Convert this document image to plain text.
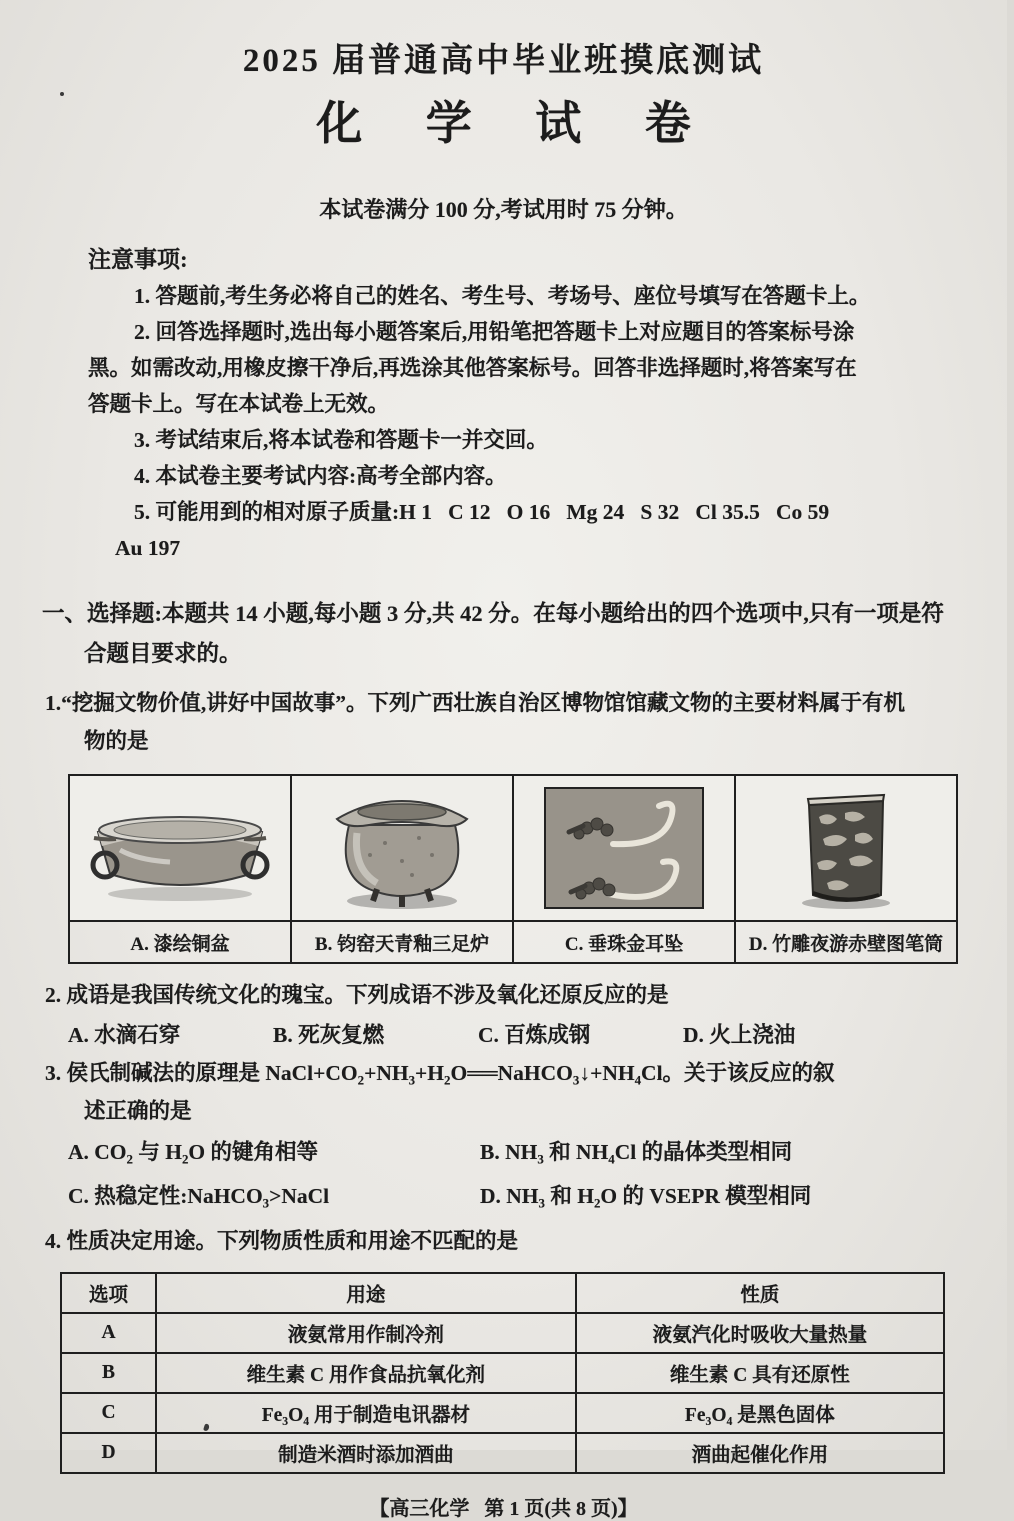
2025 届普通高中毕业班摸底测试
化 学 试 卷
本试卷满分 100 分,考试用时 75 分钟。
注意事项:
1. 答题前,考生务必将自己的姓名、考生号、考场号、座位号填写在答题卡上。
2. 回答选择题时,选出每小题答案后,用铅笔把答题卡上对应题目的答案标号涂
黑。如需改动,用橡皮擦干净后,再选涂其他答案标号。回答非选择题时,将答案写在
答题卡上。写在本试卷上无效。
3. 考试结束后,将本试卷和答题卡一并交回。
4. 本试卷主要考试内容:高考全部内容。
5. 可能用到的相对原子质量:H 1   C 12   O 16   Mg 24   S 32   Cl 35.5   Co 59
Au 197
一、选择题:本题共 14 小题,每小题 3 分,共 42 分。在每小题给出的四个选项中,只有一项是符
合题目要求的。
1.“挖掘文物价值,讲好中国故事”。下列广西壮族自治区博物馆馆藏文物的主要材料属于有机
物的是

A. 漆绘铜盆	B. 钧窑天青釉三足炉	C. 垂珠金耳坠	D. 竹雕夜游赤壁图笔筒
2. 成语是我国传统文化的瑰宝。下列成语不涉及氧化还原反应的是
A. 水滴石穿	B. 死灰复燃	C. 百炼成钢	D. 火上浇油
3. 侯氏制碱法的原理是 NaCl+CO₂+NH₃+H₂O══NaHCO₃↓+NH₄Cl。关于该反应的叙
述正确的是
A. CO₂ 与 H₂O 的键角相等	B. NH₃ 和 NH₄Cl 的晶体类型相同
C. 热稳定性:NaHCO₃>NaCl	D. NH₃ 和 H₂O 的 VSEPR 模型相同
4. 性质决定用途。下列物质性质和用途不匹配的是
选项	用途	性质
A	液氨常用作制冷剂	液氨汽化时吸收大量热量
B	维生素 C 用作食品抗氧化剂	维生素 C 具有还原性
C	Fe₃O₄ 用于制造电讯器材	Fe₃O₄ 是黑色固体
D	制造米酒时添加酒曲	酒曲起催化作用
【高三化学   第 1 页(共 8 页)】
